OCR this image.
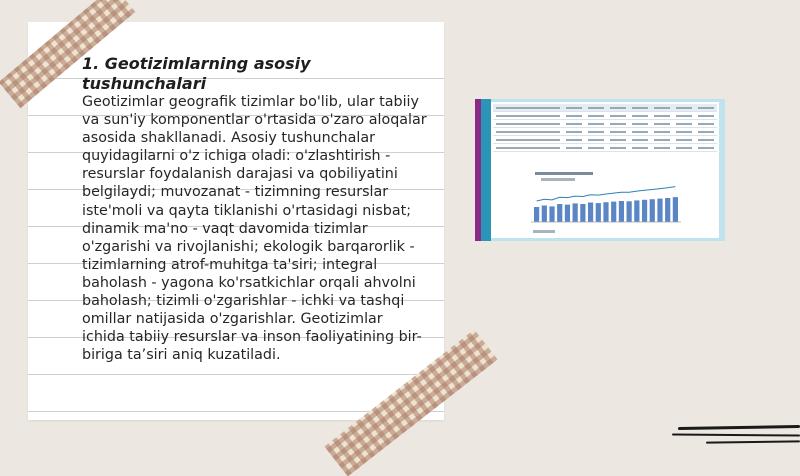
1. Geotizimlarning asosiy tushunchalari

Geotizimlar geografik tizimlar bo'lib, ular tabiiy va sun'iy komponentlar o'rtasida o'zaro aloqalar asosida shakllanadi. Asosiy tushunchalar quyidagilarni o'z ichiga oladi: o'zlashtirish - resurslar foydalanish darajasi va qobiliyatini belgilaydi; muvozanat - tizimning resurslar iste'moli va qayta tiklanishi o'rtasidagi nisbat; dinamik ma'no - vaqt davomida tizimlar o'zgarishi va rivojlanishi; ekologik barqarorlik - tizimlarning atrof-muhitga ta'siri; integral baholash - yagona ko'rsatkichlar orqali ahvolni baholash; tizimli o'zgarishlar - ichki va tashqi omillar natijasida o'zgarishlar. Geotizimlar ichida tabiiy resurslar va inson faoliyatining bir-biriga ta’siri aniq kuzatiladi.
